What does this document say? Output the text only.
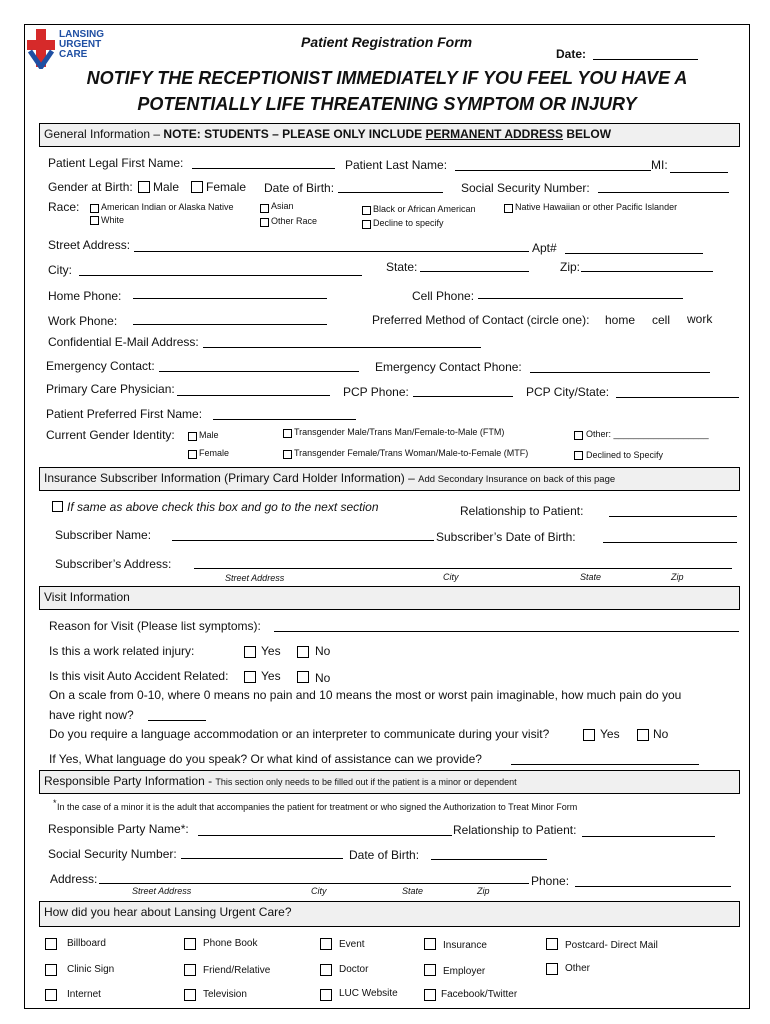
LANSING
URGENT
CARE
Patient Registration Form
Date:
NOTIFY THE RECEPTIONIST IMMEDIATELY IF YOU FEEL YOU HAVE A
POTENTIALLY LIFE THREATENING SYMPTOM OR INJURY
General Information – NOTE: STUDENTS – PLEASE ONLY INCLUDE PERMANENT ADDRESS BELOW
Patient Legal First Name:	Patient Last Name:	MI:
Gender at Birth: Male Female Date of Birth:	Social Security Number:
Race: American Indian or Alaska Native
White
Asian
Other Race
Black or African American
Decline to specify
Native Hawaiian or other Pacific Islander
Street Address:	Apt#
City:	State:	Zip:
Home Phone:	Cell Phone:
Work Phone:	Preferred Method of Contact (circle one): home cell work
Confidential E-Mail Address:
Emergency Contact:	Emergency Contact Phone:
Primary Care Physician:	PCP Phone:	PCP City/State:
Patient Preferred First Name:
Current Gender Identity:	Male
Female
Transgender Male/Trans Man/Female-to-Male (FTM)
Transgender Female/Trans Woman/Male-to-Female (MTF)
Other: ___________________
Declined to Specify
Insurance Subscriber Information (Primary Card Holder Information) – Add Secondary Insurance on back of this page
If same as above check this box and go to the next section	Relationship to Patient:
Subscriber Name:	Subscriber’s Date of Birth:
Subscriber’s Address:
Street Address	City	State	Zip
Visit Information
Reason for Visit (Please list symptoms):
Is this a work related injury:	Yes	No
Is this visit Auto Accident Related:	Yes	No
On a scale from 0-10, where 0 means no pain and 10 means the most or worst pain imaginable, how much pain do you
have right now?
Do you require a language accommodation or an interpreter to communicate during your visit?	Yes	No
If Yes, What language do you speak? Or what kind of assistance can we provide?
Responsible Party Information - This section only needs to be filled out if the patient is a minor or dependent
* In the case of a minor it is the adult that accompanies the patient for treatment or who signed the Authorization to Treat Minor Form
Responsible Party Name*:	Relationship to Patient:
Social Security Number:	Date of Birth:
Address:	Phone:
Street Address	City	State	Zip
How did you hear about Lansing Urgent Care?
Billboard	Phone Book	Event	Insurance	Postcard- Direct Mail
Clinic Sign	Friend/Relative	Doctor	Employer	Other
Internet	Television	LUC Website	Facebook/Twitter
